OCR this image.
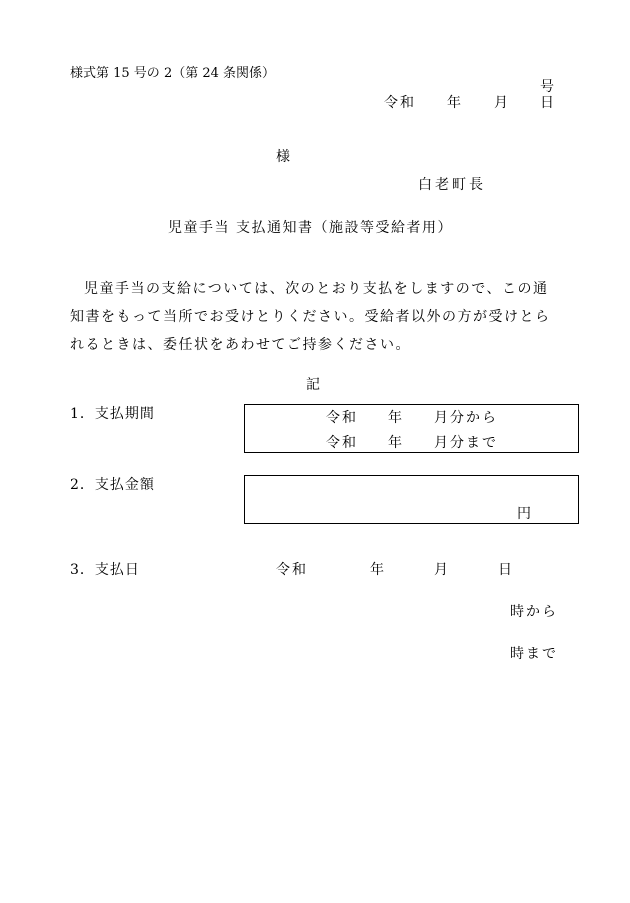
様式第 15 号の 2（第 24 条関係）
号
令和 年 月 日
様
白老町長
児童手当 支払通知書（施設等受給者用）
児童手当の支給については、次のとおり支払をしますので、この通知書をもって当所でお受けとりください。受給者以外の方が受けとられるときは、委任状をあわせてご持参ください。
記
1．支払期間	令和 年 月分から
令和 年 月分まで
2．支払金額
円
3．支払日	令和	年	月	日
時から
時まで
